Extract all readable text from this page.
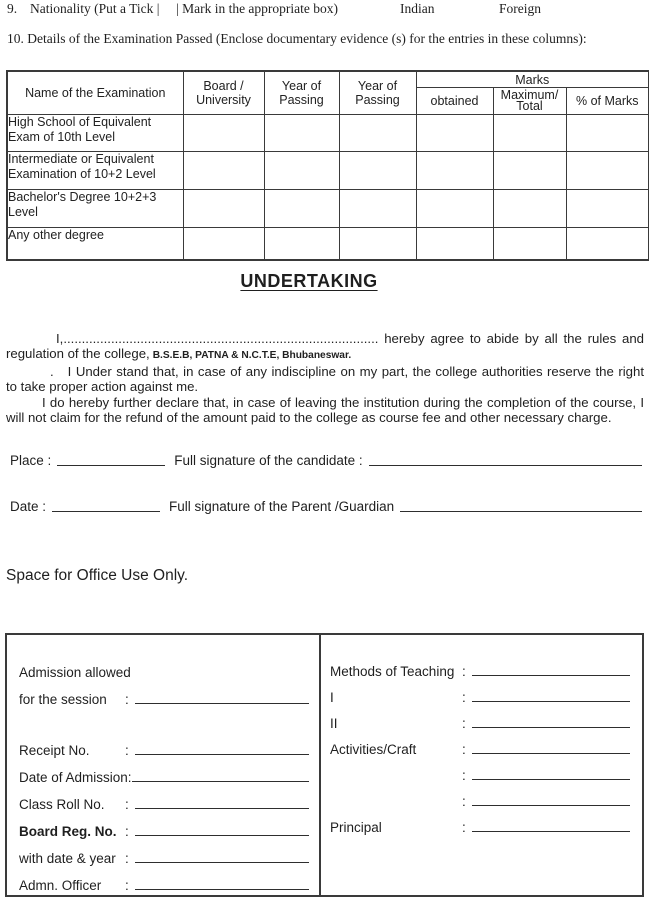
9. Nationality (Put a Tick | | Mark in the appropriate box)	Indian	Foreign
10. Details of the Examination Passed (Enclose documentary evidence (s) for the entries in these columns):
Name of the Examination	Board / University	Year of Passing	Year of Passing	Marks		
				obtained	Maximum/ Total	% of Marks
High School of Equivalent Exam of 10th Level						
Intermediate or Equivalent Examination of 10+2 Level						
Bachelor's Degree 10+2+3 Level						
Any other degree						
UNDERTAKING

I,...................................................................................... hereby agree to abide by all the rules and regulation of the college, B.S.E.B, PATNA & N.C.T.E, Bhubaneswar.

. I Under stand that, in case of any indiscipline on my part, the college authorities reserve the right to take proper action against me.

I do hereby further declare that, in case of leaving the institution during the completion of the course, I will not claim for the refund of the amount paid to the college as course fee and other necessary charge.

Place :	Full signature of the candidate :
Date :	Full signature of the Parent /Guardian
Space for Office Use Only.
Admission allowed
for the session	:
Receipt No.	:
Date of Admission:
Class Roll No.	:
Board Reg. No. :
with date & year :
Admn. Officer	:
Methods of Teaching :
I	:
II	:
Activities/Craft	:
:
:
Principal	:
